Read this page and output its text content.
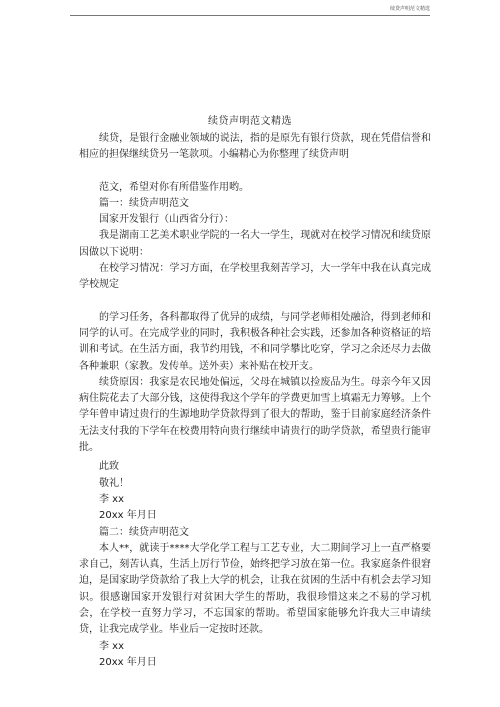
续贷声明范文精选
续贷声明范文精选

续贷，是银行金融业领域的说法，指的是原先有银行贷款，现在凭借信誉和相应的担保继续贷另一笔款项。小编精心为你整理了续贷声明

范文，希望对你有所借鉴作用哟。

篇一：续贷声明范文

国家开发银行（山西省分行）：

我是湖南工艺美术职业学院的一名大一学生，现就对在校学习情况和续贷原因做以下说明：

在校学习情况：学习方面，在学校里我刻苦学习，大一学年中我在认真完成学校规定

的学习任务，各科都取得了优异的成绩，与同学老师相处融洽，得到老师和同学的认可。在完成学业的同时，我积极各种社会实践，还参加各种资格证的培训和考试。在生活方面，我节约用钱，不和同学攀比吃穿，学习之余还尽力去做各种兼职（家教。发传单。送外卖）来补贴在校开支。

续贷原因：我家是农民地处偏远，父母在城镇以捡废品为生。母亲今年又因病住院花去了大部分钱，这使得我这个学年的学费更加雪上填霜无力筹够。上个学年曾申请过贵行的生源地助学贷款得到了很大的帮助，鉴于目前家庭经济条件无法支付我的下学年在校费用特向贵行继续申请贵行的助学贷款，希望贵行能审批。

此致

敬礼！

李 xx

20xx 年月日

篇二：续贷声明范文

本人**，就读于****大学化学工程与工艺专业，大二期间学习上一直严格要求自己，刻苦认真，生活上厉行节俭，始终把学习放在第一位。我家庭条件很窘迫，是国家助学贷款给了我上大学的机会，让我在贫困的生活中有机会去学习知识。很感谢国家开发银行对贫困大学生的帮助，我很珍惜这来之不易的学习机会，在学校一直努力学习，不忘国家的帮助。希望国家能够允许我大三申请续贷，让我完成学业。毕业后一定按时还款。

李 xx

20xx 年月日
